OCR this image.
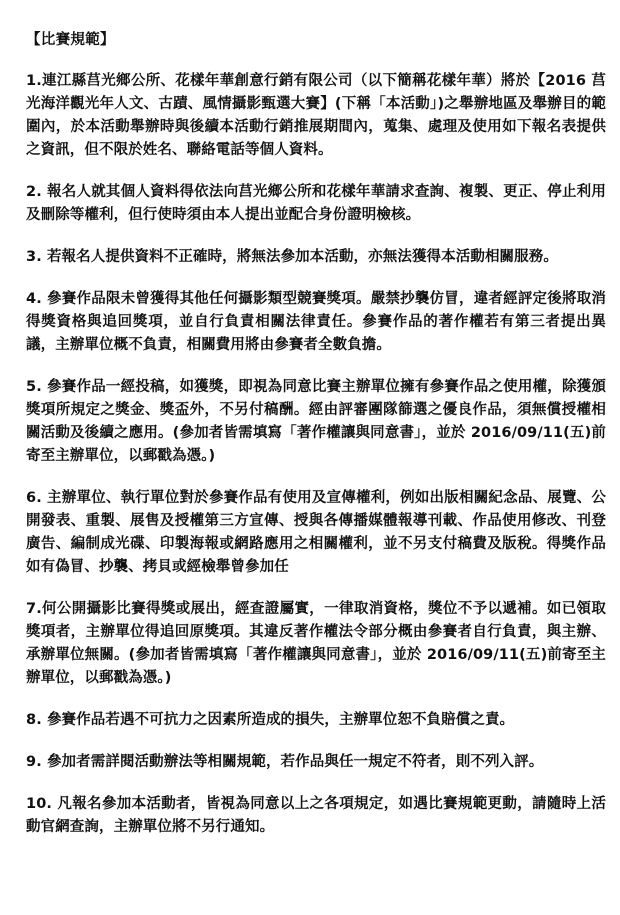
【比賽規範】

1.連江縣莒光鄉公所、花樣年華創意行銷有限公司（以下簡稱花樣年華）將於【2016 莒光海洋觀光年人文、古蹟、風情攝影甄選大賽】(下稱「本活動」)之舉辦地區及舉辦目的範圍內，於本活動舉辦時與後續本活動行銷推展期間內，蒐集、處理及使用如下報名表提供之資訊，但不限於姓名、聯絡電話等個人資料。

2. 報名人就其個人資料得依法向莒光鄉公所和花樣年華請求查詢、複製、更正、停止利用及刪除等權利，但行使時須由本人提出並配合身份證明檢核。

3. 若報名人提供資料不正確時，將無法參加本活動，亦無法獲得本活動相關服務。

4. 參賽作品限未曾獲得其他任何攝影類型競賽獎項。嚴禁抄襲仿冒，違者經評定後將取消得獎資格與追回獎項，並自行負責相關法律責任。參賽作品的著作權若有第三者提出異議，主辦單位概不負責，相關費用將由參賽者全數負擔。

5. 參賽作品一經投稿，如獲獎，即視為同意比賽主辦單位擁有參賽作品之使用權，除獲頒獎項所規定之獎金、獎盃外，不另付稿酬。經由評審團隊篩選之優良作品，須無償授權相關活動及後續之應用。(參加者皆需填寫「著作權讓與同意書」，並於 2016/09/11(五)前寄至主辦單位，以郵戳為憑。)

6. 主辦單位、執行單位對於參賽作品有使用及宣傳權利，例如出版相關紀念品、展覽、公開發表、重製、展售及授權第三方宣傳、授與各傳播媒體報導刊載、作品使用修改、刊登廣告、編制成光碟、印製海報或網路應用之相關權利，並不另支付稿費及版稅。得獎作品如有偽冒、抄襲、拷貝或經檢舉曾參加任

7.何公開攝影比賽得獎或展出，經查證屬實，一律取消資格，獎位不予以遞補。如已領取獎項者，主辦單位得追回原獎項。其違反著作權法令部分概由參賽者自行負責，與主辦、承辦單位無關。(參加者皆需填寫「著作權讓與同意書」，並於 2016/09/11(五)前寄至主辦單位，以郵戳為憑。)

8. 參賽作品若遇不可抗力之因素所造成的損失，主辦單位恕不負賠償之責。

9. 參加者需詳閱活動辦法等相關規範，若作品與任一規定不符者，則不列入評。

10. 凡報名參加本活動者，皆視為同意以上之各項規定，如遇比賽規範更動，請隨時上活動官網查詢，主辦單位將不另行通知。
